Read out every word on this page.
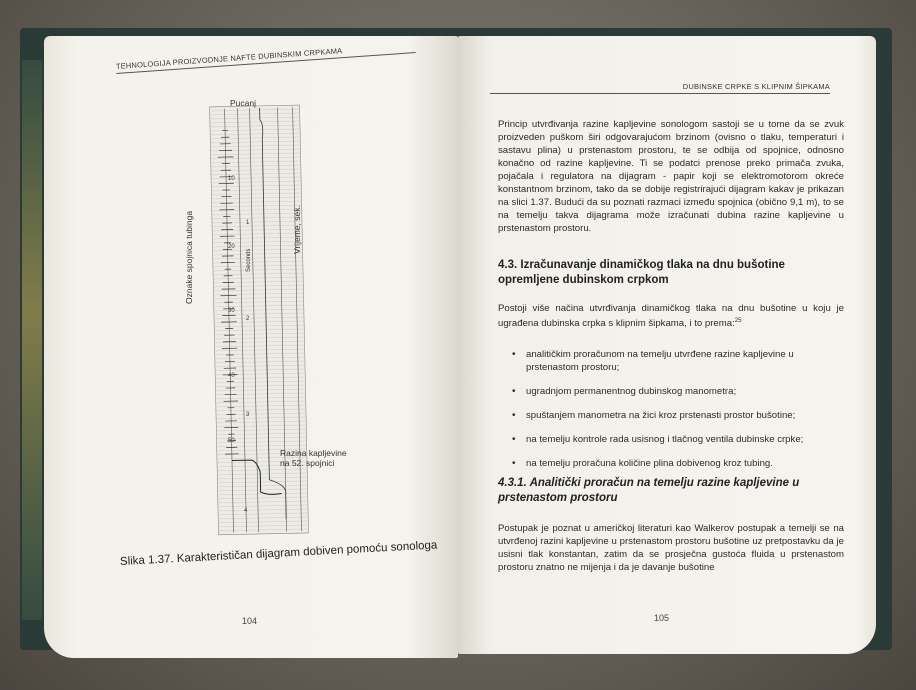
TEHNOLOGIJA PROIZVODNJE NAFTE DUBINSKIM CRPKAMA
Pucanj
Oznake spojnica tubinga	Vrijeme, sek.
Razina kapljevine
na 52. spojnici
10
20
30
40
50
1
2
3
4
Seconds
Slika 1.37. Karakterističan dijagram dobiven pomoću sonologa
104
DUBINSKE CRPKE S KLIPNIM ŠIPKAMA
Princip utvrđivanja razine kapljevine sonologom sastoji se u tome da se zvuk proizveden puškom širi odgovarajućom brzinom (ovisno o tlaku, temperaturi i sastavu plina) u prstenastom prostoru, te se odbija od spojnice, odnosno konačno od razine kapljevine. Ti se podatci prenose preko primača zvuka, pojačala i regulatora na dijagram - papir koji se elektromotorom okreće konstantnom brzinom, tako da se dobije registrirajući dijagram kakav je prikazan na slici 1.37. Budući da su poznati razmaci između spojnica (obično 9,1 m), to se na temelju takva dijagrama može izračunati dubina razine kapljevine u prstenastom prostoru.
4.3. Izračunavanje dinamičkog tlaka na dnu bušotine opremljene dubinskom crpkom
Postoji više načina utvrđivanja dinamičkog tlaka na dnu bušotine u koju je ugrađena dubinska crpka s klipnim šipkama, i to prema:$^{25}$
• analitičkim proračunom na temelju utvrđene razine kapljevine u prstenastom prostoru;
• ugradnjom permanentnog dubinskog manometra;
• spuštanjem manometra na žici kroz prstenasti prostor bušotine;
• na temelju kontrole rada usisnog i tlačnog ventila dubinske crpke;
• na temelju proračuna količine plina dobivenog kroz tubing.
4.3.1. Analitički proračun na temelju razine kapljevine u prstenastom prostoru
Postupak je poznat u američkoj literaturi kao Walkerov postupak a temelji se na utvrđenoj razini kapljevine u prstenastom prostoru bušotine uz pretpostavku da je usisni tlak konstantan, zatim da se prosječna gustoća fluida u prstenastom prostoru znatno ne mijenja i da je davanje bušotine
105
